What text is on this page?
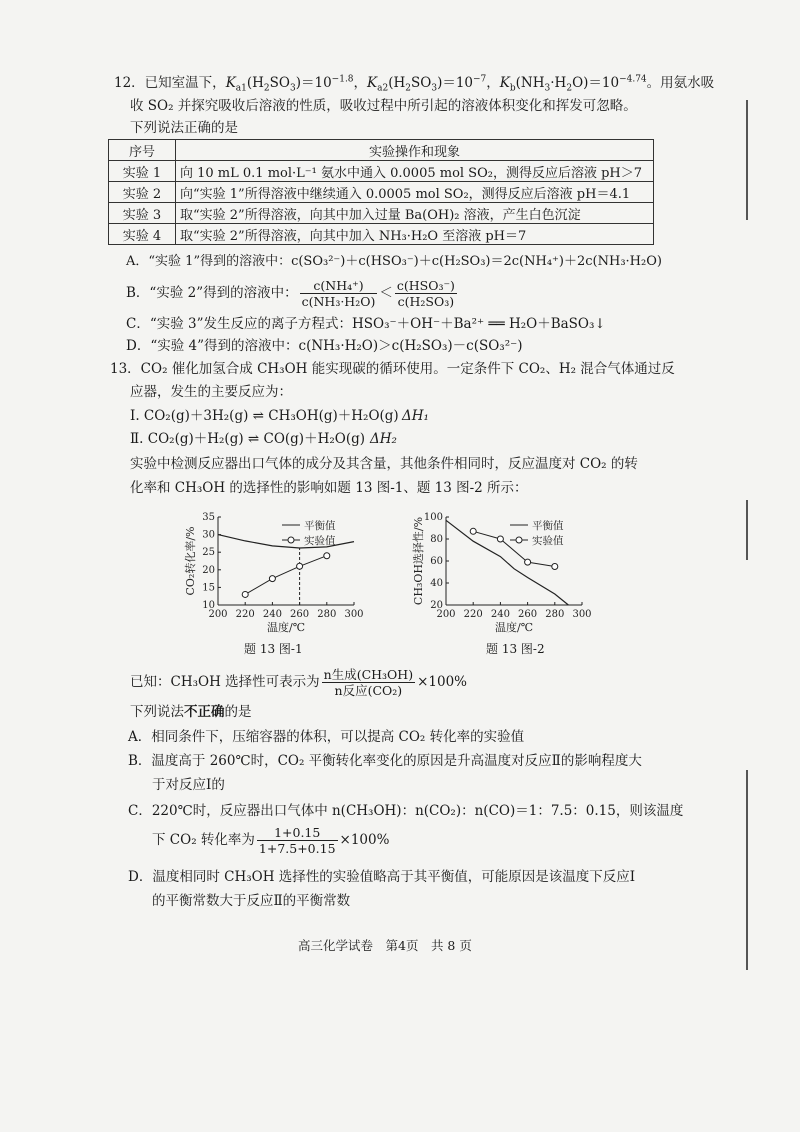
12．已知室温下，$K_{a1}(H_2SO_3)=10^{-1.8}$，$K_{a2}(H_2SO_3)=10^{-7}$，$K_b(NH_3\cdot H_2O)=10^{-4.74}$。用氨水吸
收 SO₂ 并探究吸收后溶液的性质，吸收过程中所引起的溶液体积变化和挥发可忽略。
下列说法正确的是
序号	实验操作和现象
实验 1	向 10 mL 0.1 mol·L⁻¹ 氨水中通入 0.0005 mol SO₂，测得反应后溶液 pH＞7
实验 2	向“实验 1”所得溶液中继续通入 0.0005 mol SO₂，测得反应后溶液 pH＝4.1
实验 3	取“实验 2”所得溶液，向其中加入过量 Ba(OH)₂ 溶液，产生白色沉淀
实验 4	取“实验 2”所得溶液，向其中加入 NH₃·H₂O 至溶液 pH＝7
A．“实验 1”得到的溶液中：c(SO₃²⁻)＋c(HSO₃⁻)＋c(H₂SO₃)＝2c(NH₄⁺)＋2c(NH₃·H₂O)
B．“实验 2”得到的溶液中： $\frac{\text{c(NH₄⁺)}}{\text{c(NH₃·H₂O)}} < \frac{\text{c(HSO₃⁻)}}{\text{c(H₂SO₃)}}$
C．“实验 3”发生反应的离子方程式：HSO₃⁻＋OH⁻＋Ba²⁺ ══ H₂O＋BaSO₃↓
D．“实验 4”得到的溶液中：c(NH₃·H₂O)＞c(H₂SO₃)－c(SO₃²⁻)
13．CO₂ 催化加氢合成 CH₃OH 能实现碳的循环使用。一定条件下 CO₂、H₂ 混合气体通过反
应器，发生的主要反应为：
Ⅰ. CO₂(g)＋3H₂(g) ⇌ CH₃OH(g)＋H₂O(g) ΔH₁
Ⅱ. CO₂(g)＋H₂(g) ⇌ CO(g)＋H₂O(g) ΔH₂
实验中检测反应器出口气体的成分及其含量，其他条件相同时，反应温度对 CO₂ 的转
化率和 CH₃OH 的选择性的影响如题 13 图-1、题 13 图-2 所示：
200 220 240 260 280 300
10
15
20
25
30
35
温度/℃
CO₂转化率/%
平衡值
实验值
题 13 图-1
200 220 240 260 280 300
20
40
60
80
100
温度/℃
CH₃OH选择性/%	平衡值
实验值
题 13 图-2
已知：CH₃OH 选择性可表示为 $\frac{\text{n生成(CH₃OH)}}{\text{n反应(CO₂)}} \times 100\%$
下列说法不正确的是
A．相同条件下，压缩容器的体积，可以提高 CO₂ 转化率的实验值
B．温度高于 260℃时，CO₂ 平衡转化率变化的原因是升高温度对反应Ⅱ的影响程度大
于对反应Ⅰ的
C．220℃时，反应器出口气体中 n(CH₃OH)：n(CO₂)：n(CO)＝1：7.5：0.15，则该温度
下 CO₂ 转化率为 $\frac{1+0.15}{1+7.5+0.15} \times 100\%$
D．温度相同时 CH₃OH 选择性的实验值略高于其平衡值，可能原因是该温度下反应Ⅰ
的平衡常数大于反应Ⅱ的平衡常数
高三化学试卷　第4页　共 8 页
